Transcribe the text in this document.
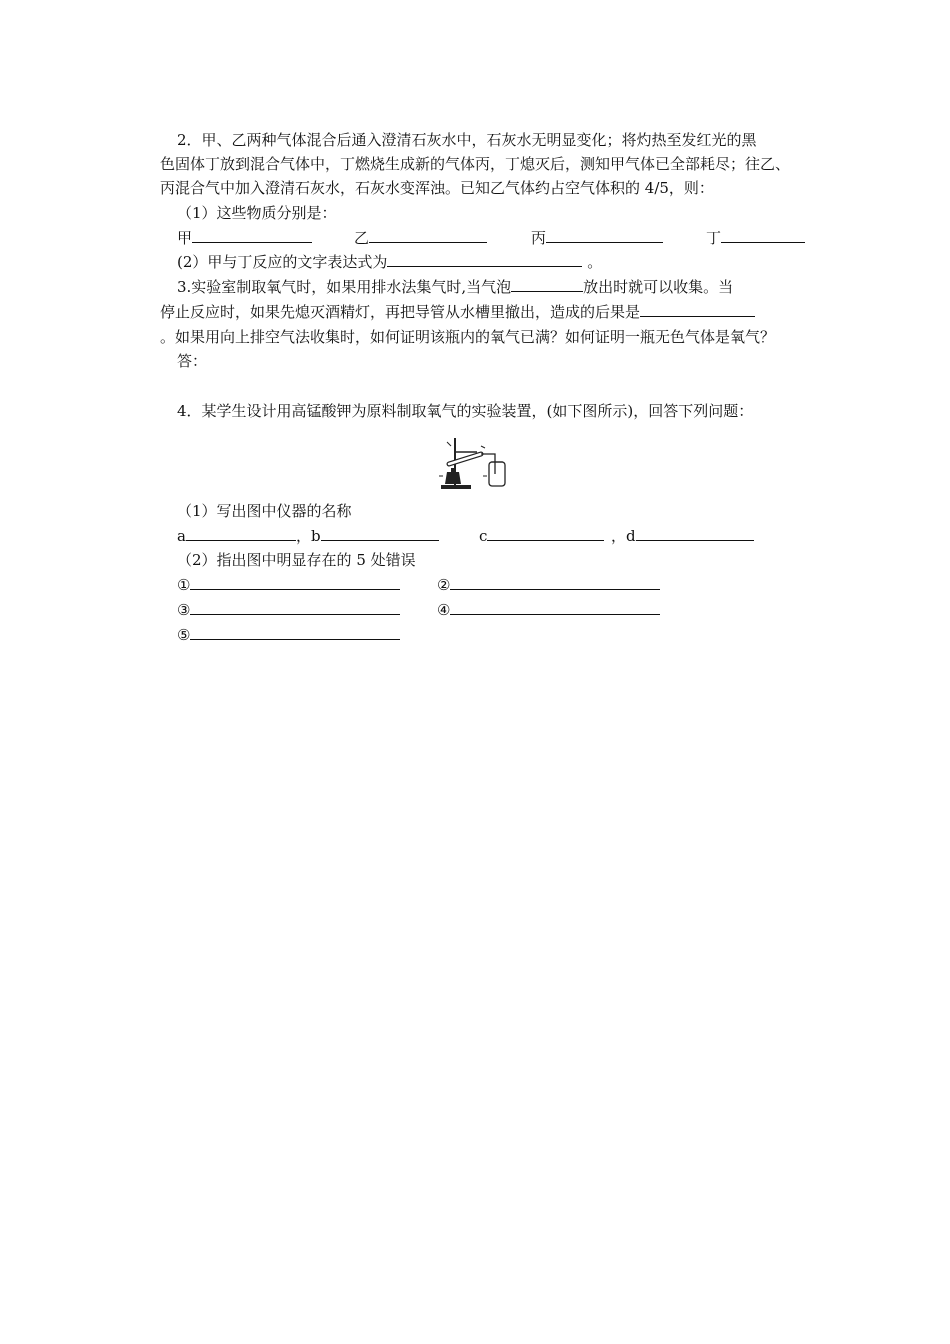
2．甲、乙两种气体混合后通入澄清石灰水中，石灰水无明显变化；将灼热至发红光的黑
色固体丁放到混合气体中，丁燃烧生成新的气体丙，丁熄灭后，测知甲气体已全部耗尽；往乙、
丙混合气中加入澄清石灰水，石灰水变浑浊。已知乙气体约占空气体积的 4/5，则：
（1）这些物质分别是：
甲	乙	丙	丁
(2）甲与丁反应的文字表达式为	。
3.实验室制取氧气时，如果用排水法集气时,当气泡	放出时就可以收集。当
停止反应时，如果先熄灭酒精灯，再把导管从水槽里撤出，造成的后果是
。如果用向上排空气法收集时，如何证明该瓶内的氧气已满？如何证明一瓶无色气体是氧气？
答：
4．某学生设计用高锰酸钾为原料制取氧气的实验装置，(如下图所示)，回答下列问题：
（1）写出图中仪器的名称
a	，b	c	，d
（2）指出图中明显存在的 5 处错误
①	②
③	④
⑤
